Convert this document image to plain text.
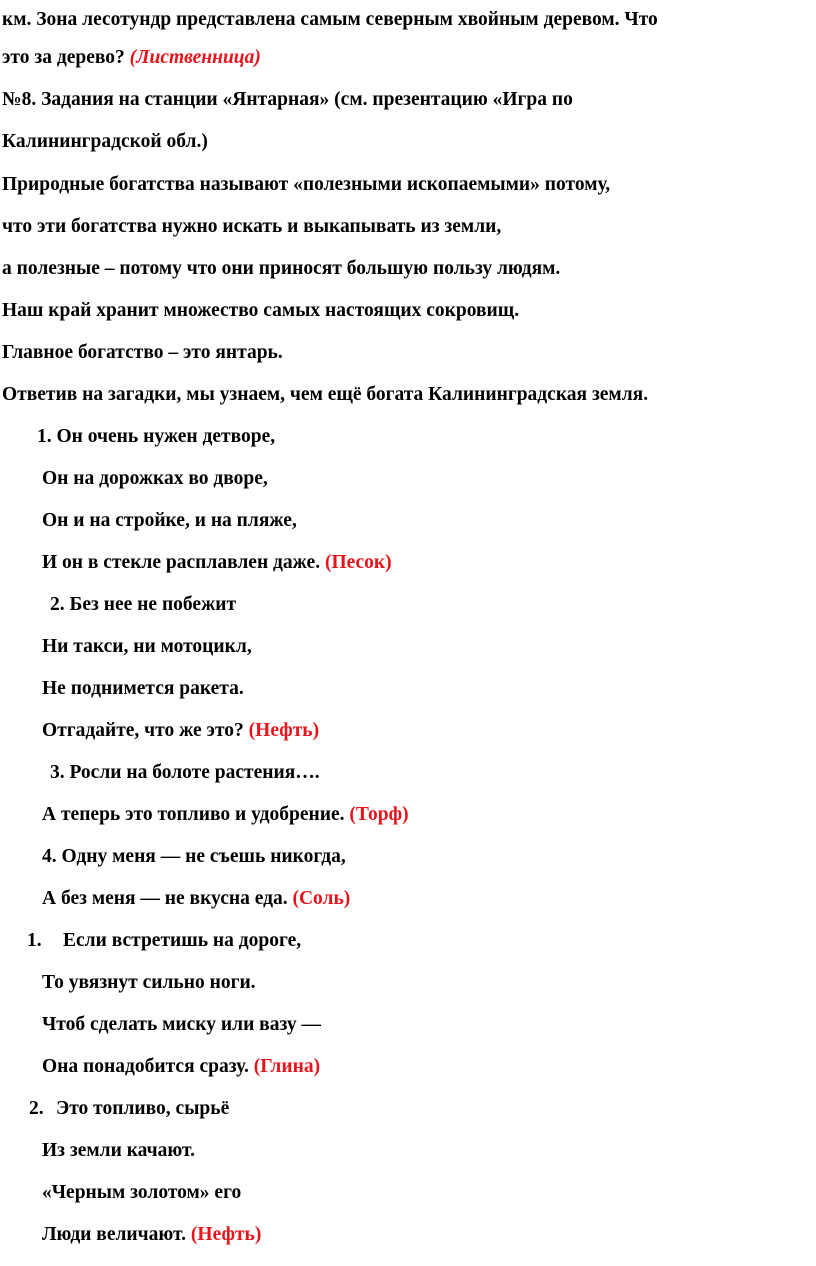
км. Зона лесотундр представлена самым северным хвойным деревом. Что
это за дерево? (Лиственница)
№8. Задания на станции «Янтарная» (см. презентацию «Игра по
Калининградской обл.)
Природные богатства называют «полезными ископаемыми» потому,
что эти богатства нужно искать и выкапывать из земли,
а полезные – потому что они приносят большую пользу людям.
Наш край хранит множество самых настоящих сокровищ.
Главное богатство – это янтарь.
Ответив на загадки, мы узнаем, чем ещё богата Калининградская земля.
1. Он очень нужен детворе,
Он на дорожках во дворе,
Он и на стройке, и на пляже,
И он в стекле расплавлен даже. (Песок)
2. Без нее не побежит
Ни такси, ни мотоцикл,
Не поднимется ракета.
Отгадайте, что же это? (Нефть)
3. Росли на болоте растения….
А теперь это топливо и удобрение. (Торф)
4. Одну меня — не съешь никогда,
А без меня — не вкусна еда. (Соль)
1. Если встретишь на дороге,
То увязнут сильно ноги.
Чтоб сделать миску или вазу —
Она понадобится сразу. (Глина)
2. Это топливо, сырьё
Из земли качают.
«Черным золотом» его
Люди величают. (Нефть)
